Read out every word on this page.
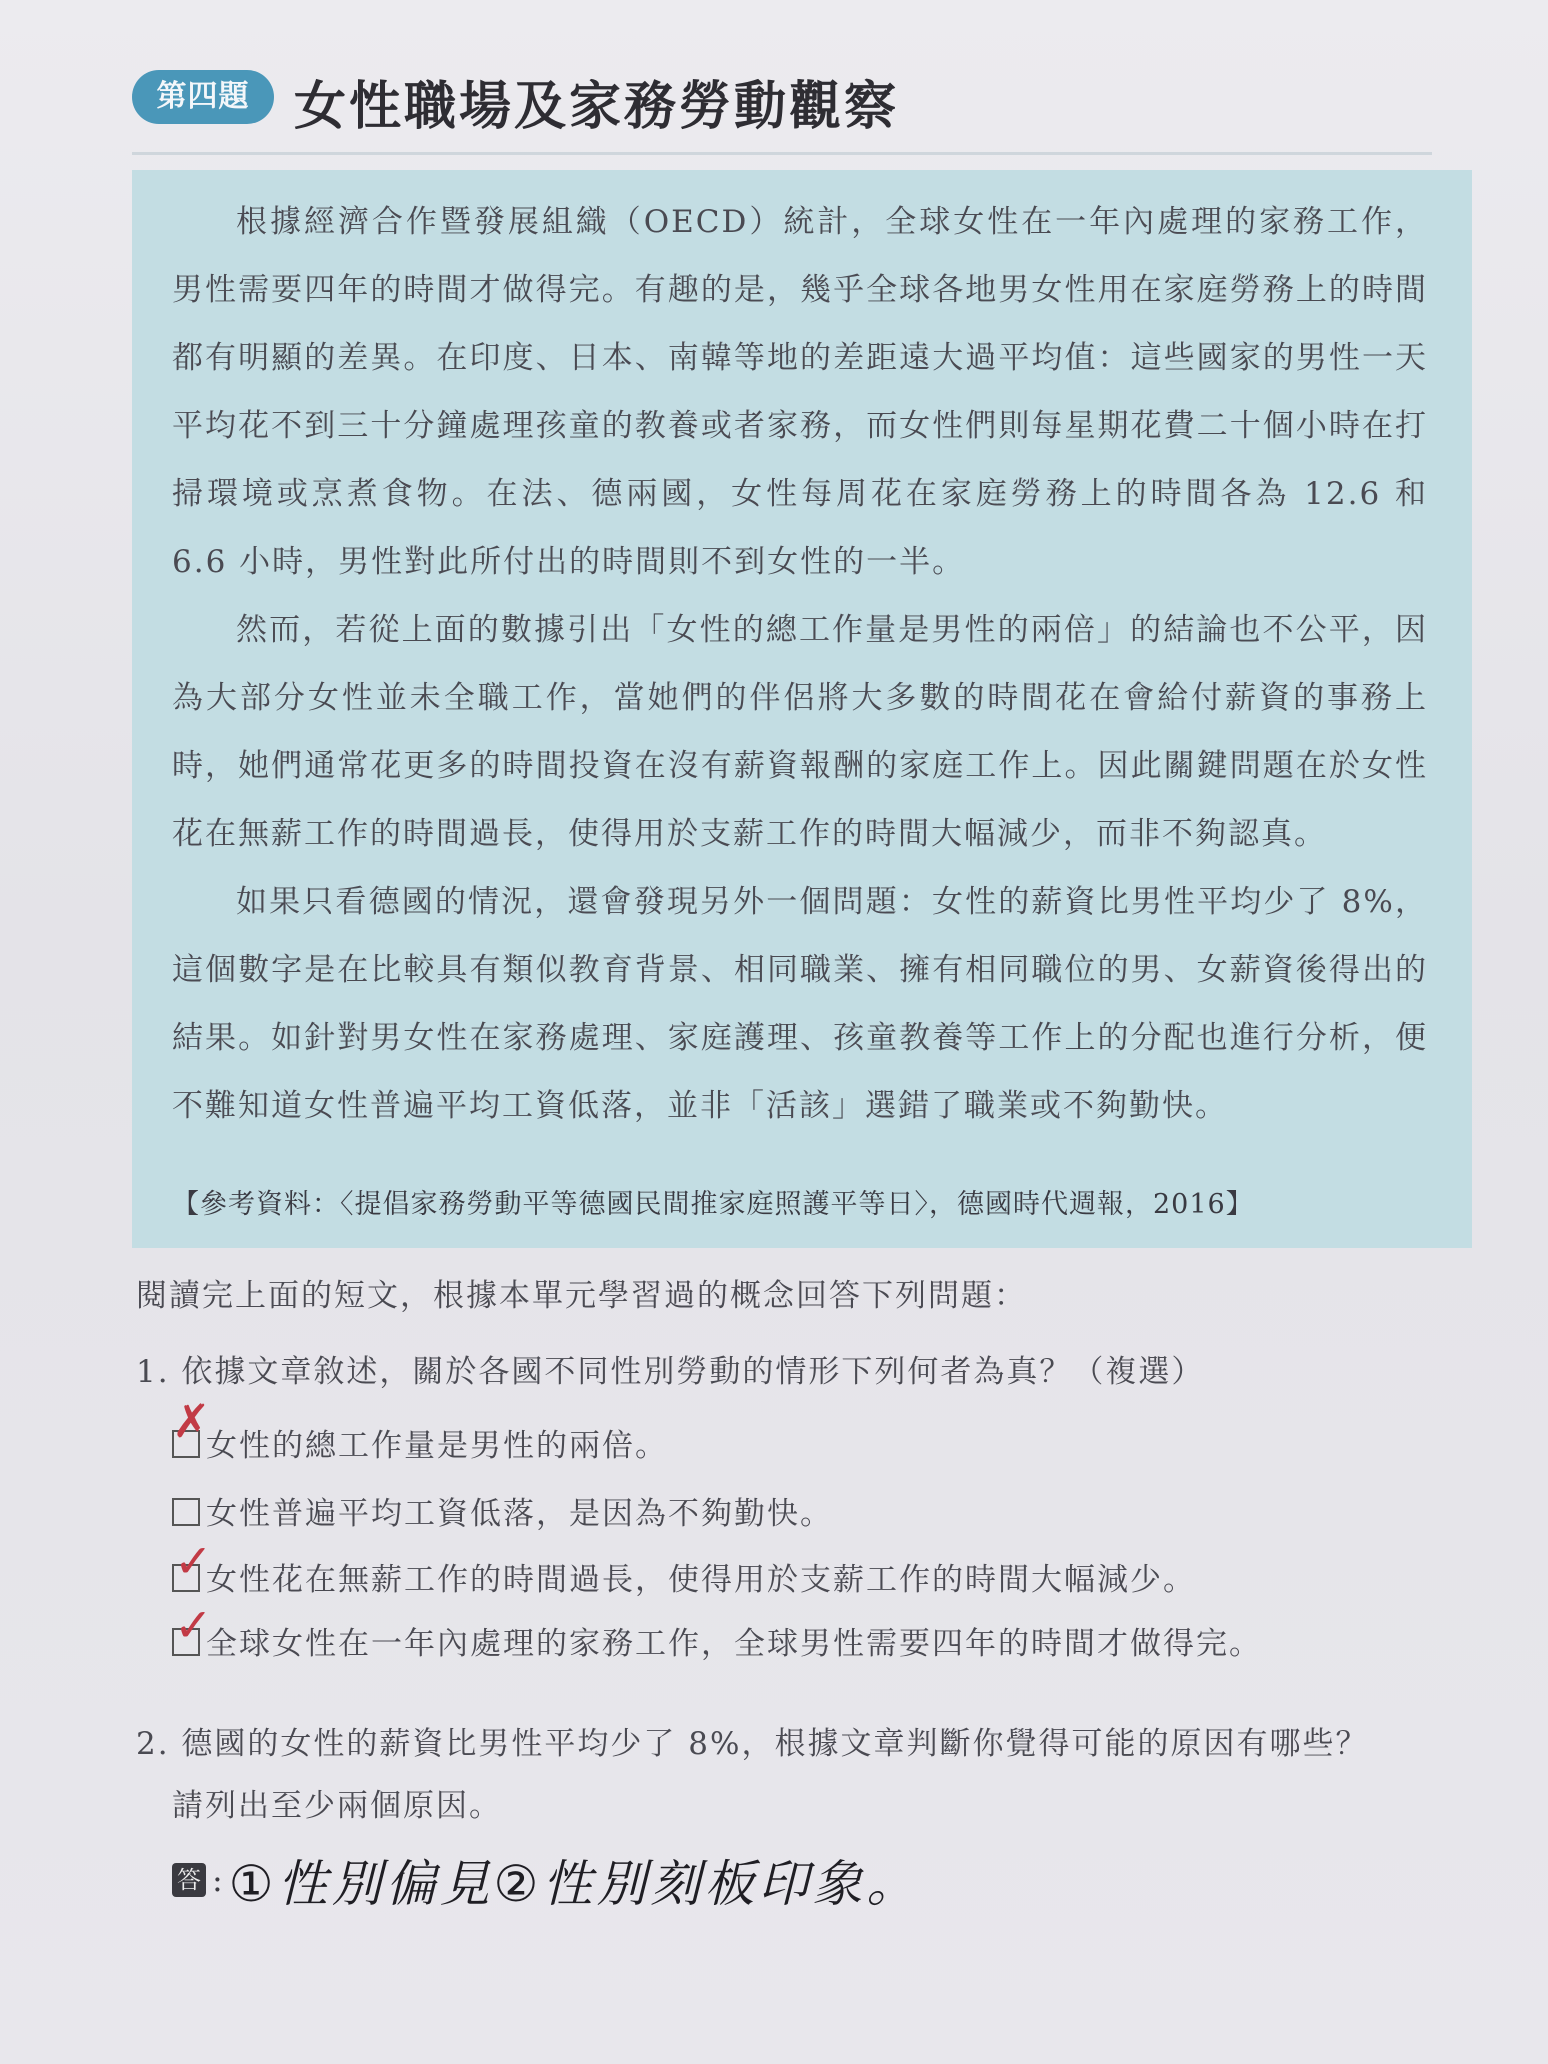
第四題 女性職場及家務勞動觀察

根據經濟合作暨發展組織（OECD）統計，全球女性在一年內處理的家務工作，男性需要四年的時間才做得完。有趣的是，幾乎全球各地男女性用在家庭勞務上的時間都有明顯的差異。在印度、日本、南韓等地的差距遠大過平均值：這些國家的男性一天平均花不到三十分鐘處理孩童的教養或者家務，而女性們則每星期花費二十個小時在打掃環境或烹煮食物。在法、德兩國，女性每周花在家庭勞務上的時間各為 12.6 和 6.6 小時，男性對此所付出的時間則不到女性的一半。

然而，若從上面的數據引出「女性的總工作量是男性的兩倍」的結論也不公平，因為大部分女性並未全職工作，當她們的伴侶將大多數的時間花在會給付薪資的事務上時，她們通常花更多的時間投資在沒有薪資報酬的家庭工作上。因此關鍵問題在於女性花在無薪工作的時間過長，使得用於支薪工作的時間大幅減少，而非不夠認真。

如果只看德國的情況，還會發現另外一個問題：女性的薪資比男性平均少了 8%，這個數字是在比較具有類似教育背景、相同職業、擁有相同職位的男、女薪資後得出的結果。如針對男女性在家務處理、家庭護理、孩童教養等工作上的分配也進行分析，便不難知道女性普遍平均工資低落，並非「活該」選錯了職業或不夠勤快。

【參考資料：〈提倡家務勞動平等德國民間推家庭照護平等日〉，德國時代週報，2016】

閱讀完上面的短文，根據本單元學習過的概念回答下列問題：

1. 依據文章敘述，關於各國不同性別勞動的情形下列何者為真？（複選）

女性的總工作量是男性的兩倍。
✗
女性普遍平均工資低落，是因為不夠勤快。
女性花在無薪工作的時間過長，使得用於支薪工作的時間大幅減少。
✓
全球女性在一年內處理的家務工作，全球男性需要四年的時間才做得完。
✓

2. 德國的女性的薪資比男性平均少了 8%，根據文章判斷你覺得可能的原因有哪些？

請列出至少兩個原因。

答 : ①性別偏見②性別刻板印象。
